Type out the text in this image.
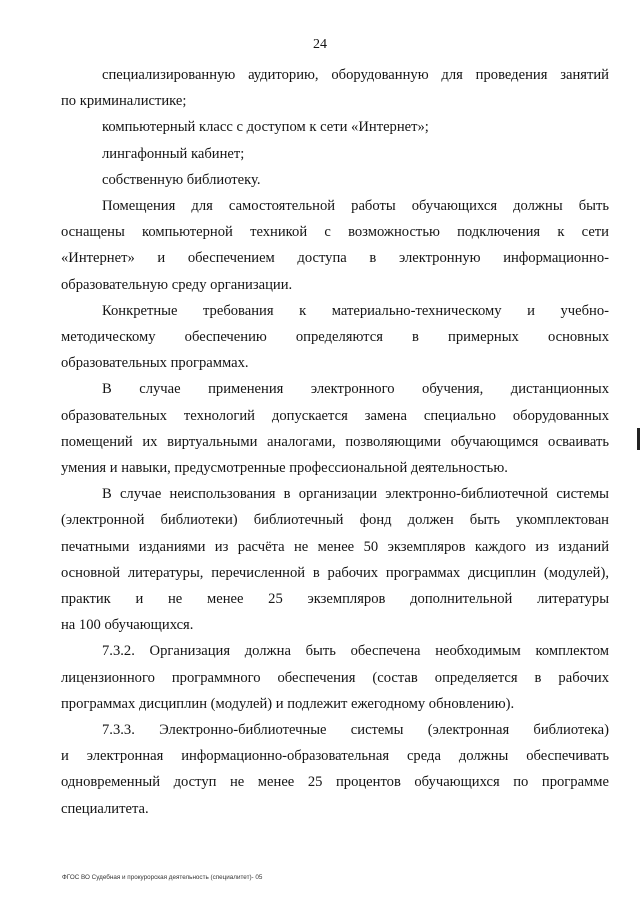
24

специализированную аудиторию, оборудованную для проведения занятий
по криминалистике;

компьютерный класс с доступом к сети «Интернет»;

лингафонный кабинет;

собственную библиотеку.

Помещения для самостоятельной работы обучающихся должны быть
оснащены компьютерной техникой с возможностью подключения к сети
«Интернет» и обеспечением доступа в электронную информационно-
образовательную среду организации.

Конкретные требования к материально-техническому и учебно-
методическому обеспечению определяются в примерных основных
образовательных программах.

В случае применения электронного обучения, дистанционных
образовательных технологий допускается замена специально оборудованных
помещений их виртуальными аналогами, позволяющими обучающимся осваивать
умения и навыки, предусмотренные профессиональной деятельностью.

В случае неиспользования в организации электронно-библиотечной системы
(электронной библиотеки) библиотечный фонд должен быть укомплектован
печатными изданиями из расчёта не менее 50 экземпляров каждого из изданий
основной литературы, перечисленной в рабочих программах дисциплин (модулей),
практик и не менее 25 экземпляров дополнительной литературы
на 100 обучающихся.

7.3.2. Организация должна быть обеспечена необходимым комплектом
лицензионного программного обеспечения (состав определяется в рабочих
программах дисциплин (модулей) и подлежит ежегодному обновлению).

7.3.3. Электронно-библиотечные системы (электронная библиотека)
и электронная информационно-образовательная среда должны обеспечивать
одновременный доступ не менее 25 процентов обучающихся по программе
специалитета.

ФГОС ВО Судебная и прокурорская деятельность (специалитет)- 05
